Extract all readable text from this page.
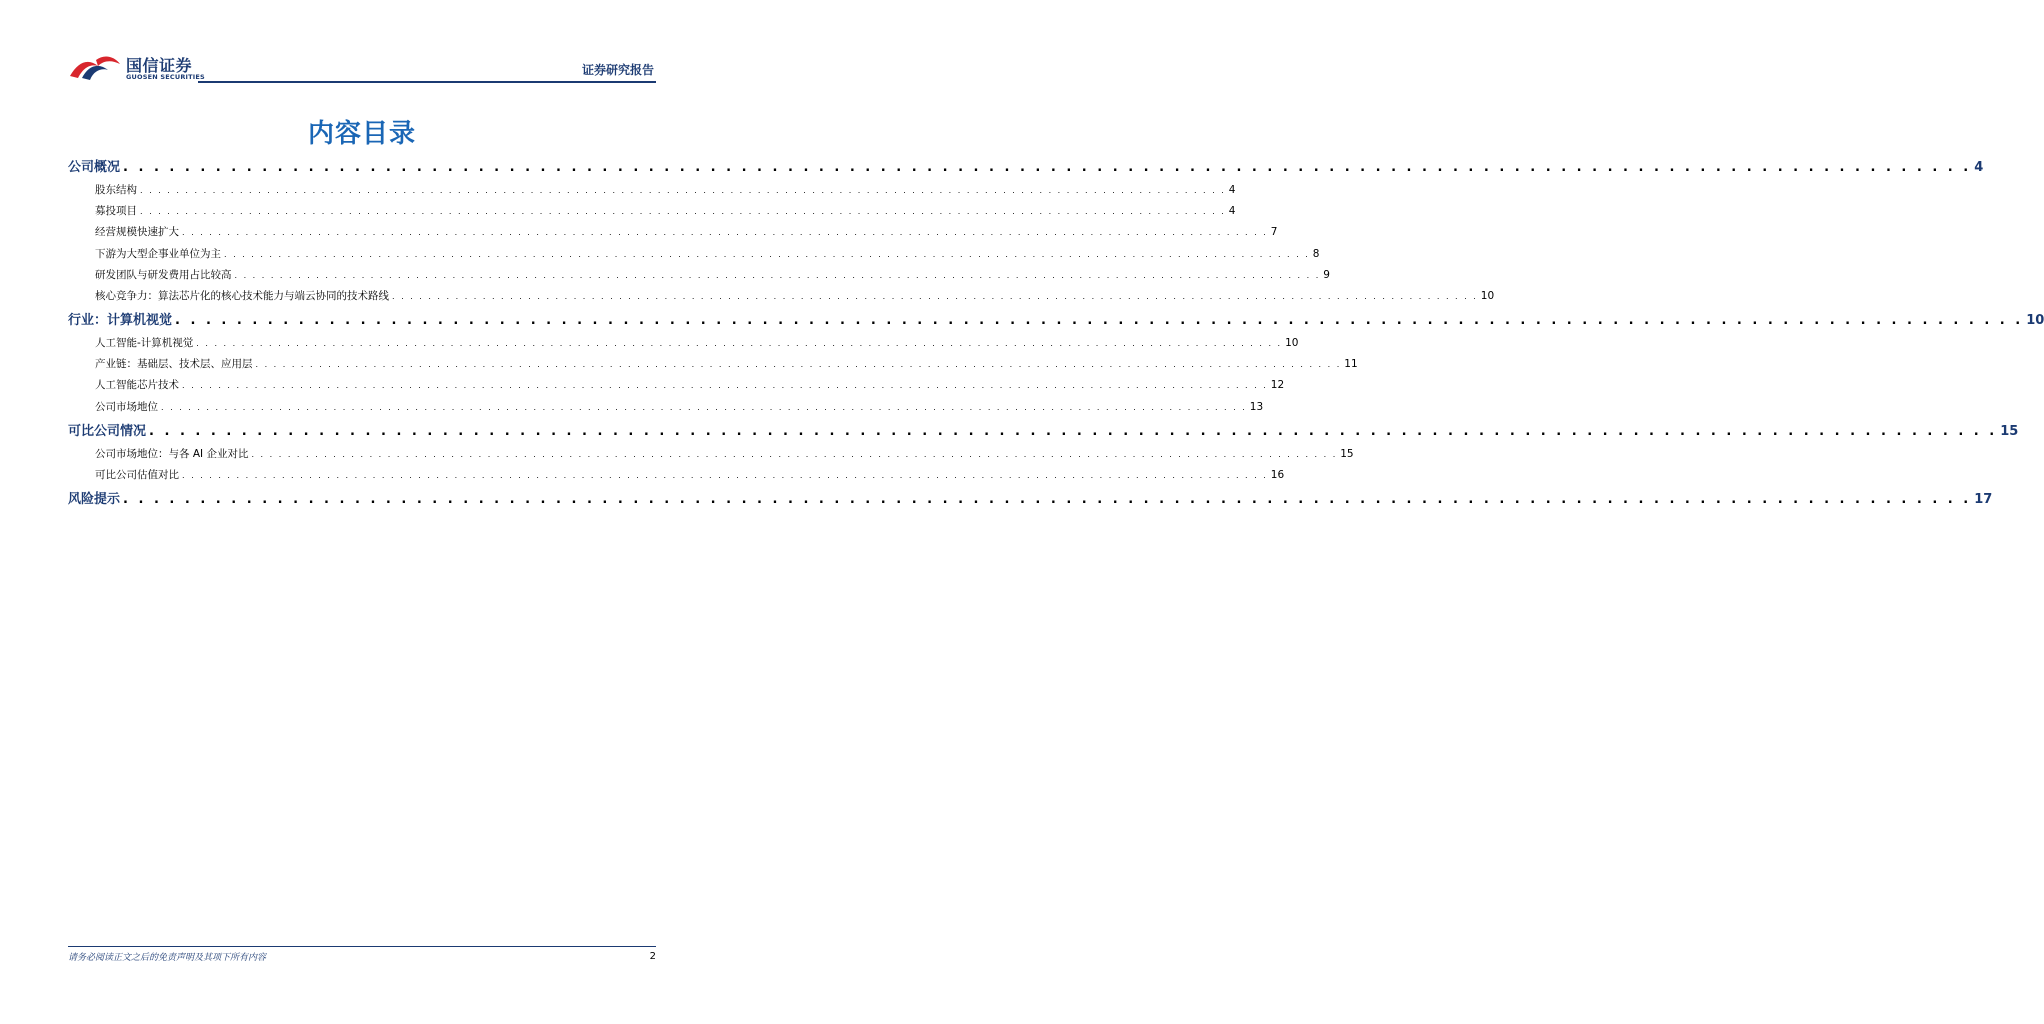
国信证券
GUOSEN SECURITIES	证券研究报告
内容目录
公司概况 . . . . . . . . . . . . . . . . . . . . . . . . . . . . . . . . . . . . . . . . . . . . . . . . . . . . . . . . . . . . . . . . . . . . . . . . . . . . . . . . . . . . . . . . . . . . . . . . . . . . . . . . . . . . . . . . . . . . . . . . 4
股东结构 . . . . . . . . . . . . . . . . . . . . . . . . . . . . . . . . . . . . . . . . . . . . . . . . . . . . . . . . . . . . . . . . . . . . . . . . . . . . . . . . . . . . . . . . . . . . . . . . . . . . . . . . . . . . . . . . . . . . . . . . 4
募投项目 . . . . . . . . . . . . . . . . . . . . . . . . . . . . . . . . . . . . . . . . . . . . . . . . . . . . . . . . . . . . . . . . . . . . . . . . . . . . . . . . . . . . . . . . . . . . . . . . . . . . . . . . . . . . . . . . . . . . . . . . 4
经营规模快速扩大 . . . . . . . . . . . . . . . . . . . . . . . . . . . . . . . . . . . . . . . . . . . . . . . . . . . . . . . . . . . . . . . . . . . . . . . . . . . . . . . . . . . . . . . . . . . . . . . . . . . . . . . . . . . . . . . . . . . . . . . . 7
下游为大型企事业单位为主 . . . . . . . . . . . . . . . . . . . . . . . . . . . . . . . . . . . . . . . . . . . . . . . . . . . . . . . . . . . . . . . . . . . . . . . . . . . . . . . . . . . . . . . . . . . . . . . . . . . . . . . . . . . . . . . . . . . . . . . . 8
研发团队与研发费用占比较高 . . . . . . . . . . . . . . . . . . . . . . . . . . . . . . . . . . . . . . . . . . . . . . . . . . . . . . . . . . . . . . . . . . . . . . . . . . . . . . . . . . . . . . . . . . . . . . . . . . . . . . . . . . . . . . . . . . . . . . . . 9
核心竞争力：算法芯片化的核心技术能力与端云协同的技术路线 . . . . . . . . . . . . . . . . . . . . . . . . . . . . . . . . . . . . . . . . . . . . . . . . . . . . . . . . . . . . . . . . . . . . . . . . . . . . . . . . . . . . . . . . . . . . . . . . . . . . . . . . . . . . . . . . . . . . . . . . 10
行业：计算机视觉 . . . . . . . . . . . . . . . . . . . . . . . . . . . . . . . . . . . . . . . . . . . . . . . . . . . . . . . . . . . . . . . . . . . . . . . . . . . . . . . . . . . . . . . . . . . . . . . . . . . . . . . . . . . . . . . . . . . . . . . . 10
人工智能-计算机视觉 . . . . . . . . . . . . . . . . . . . . . . . . . . . . . . . . . . . . . . . . . . . . . . . . . . . . . . . . . . . . . . . . . . . . . . . . . . . . . . . . . . . . . . . . . . . . . . . . . . . . . . . . . . . . . . . . . . . . . . . . 10
产业链：基础层、技术层、应用层 . . . . . . . . . . . . . . . . . . . . . . . . . . . . . . . . . . . . . . . . . . . . . . . . . . . . . . . . . . . . . . . . . . . . . . . . . . . . . . . . . . . . . . . . . . . . . . . . . . . . . . . . . . . . . . . . . . . . . . . . 11
人工智能芯片技术 . . . . . . . . . . . . . . . . . . . . . . . . . . . . . . . . . . . . . . . . . . . . . . . . . . . . . . . . . . . . . . . . . . . . . . . . . . . . . . . . . . . . . . . . . . . . . . . . . . . . . . . . . . . . . . . . . . . . . . . . 12
公司市场地位 . . . . . . . . . . . . . . . . . . . . . . . . . . . . . . . . . . . . . . . . . . . . . . . . . . . . . . . . . . . . . . . . . . . . . . . . . . . . . . . . . . . . . . . . . . . . . . . . . . . . . . . . . . . . . . . . . . . . . . . . 13
可比公司情况 . . . . . . . . . . . . . . . . . . . . . . . . . . . . . . . . . . . . . . . . . . . . . . . . . . . . . . . . . . . . . . . . . . . . . . . . . . . . . . . . . . . . . . . . . . . . . . . . . . . . . . . . . . . . . . . . . . . . . . . . 15
公司市场地位：与各 AI 企业对比 . . . . . . . . . . . . . . . . . . . . . . . . . . . . . . . . . . . . . . . . . . . . . . . . . . . . . . . . . . . . . . . . . . . . . . . . . . . . . . . . . . . . . . . . . . . . . . . . . . . . . . . . . . . . . . . . . . . . . . . . 15
可比公司估值对比 . . . . . . . . . . . . . . . . . . . . . . . . . . . . . . . . . . . . . . . . . . . . . . . . . . . . . . . . . . . . . . . . . . . . . . . . . . . . . . . . . . . . . . . . . . . . . . . . . . . . . . . . . . . . . . . . . . . . . . . . 16
风险提示 . . . . . . . . . . . . . . . . . . . . . . . . . . . . . . . . . . . . . . . . . . . . . . . . . . . . . . . . . . . . . . . . . . . . . . . . . . . . . . . . . . . . . . . . . . . . . . . . . . . . . . . . . . . . . . . . . . . . . . . . 17
请务必阅读正文之后的免责声明及其项下所有内容	2
